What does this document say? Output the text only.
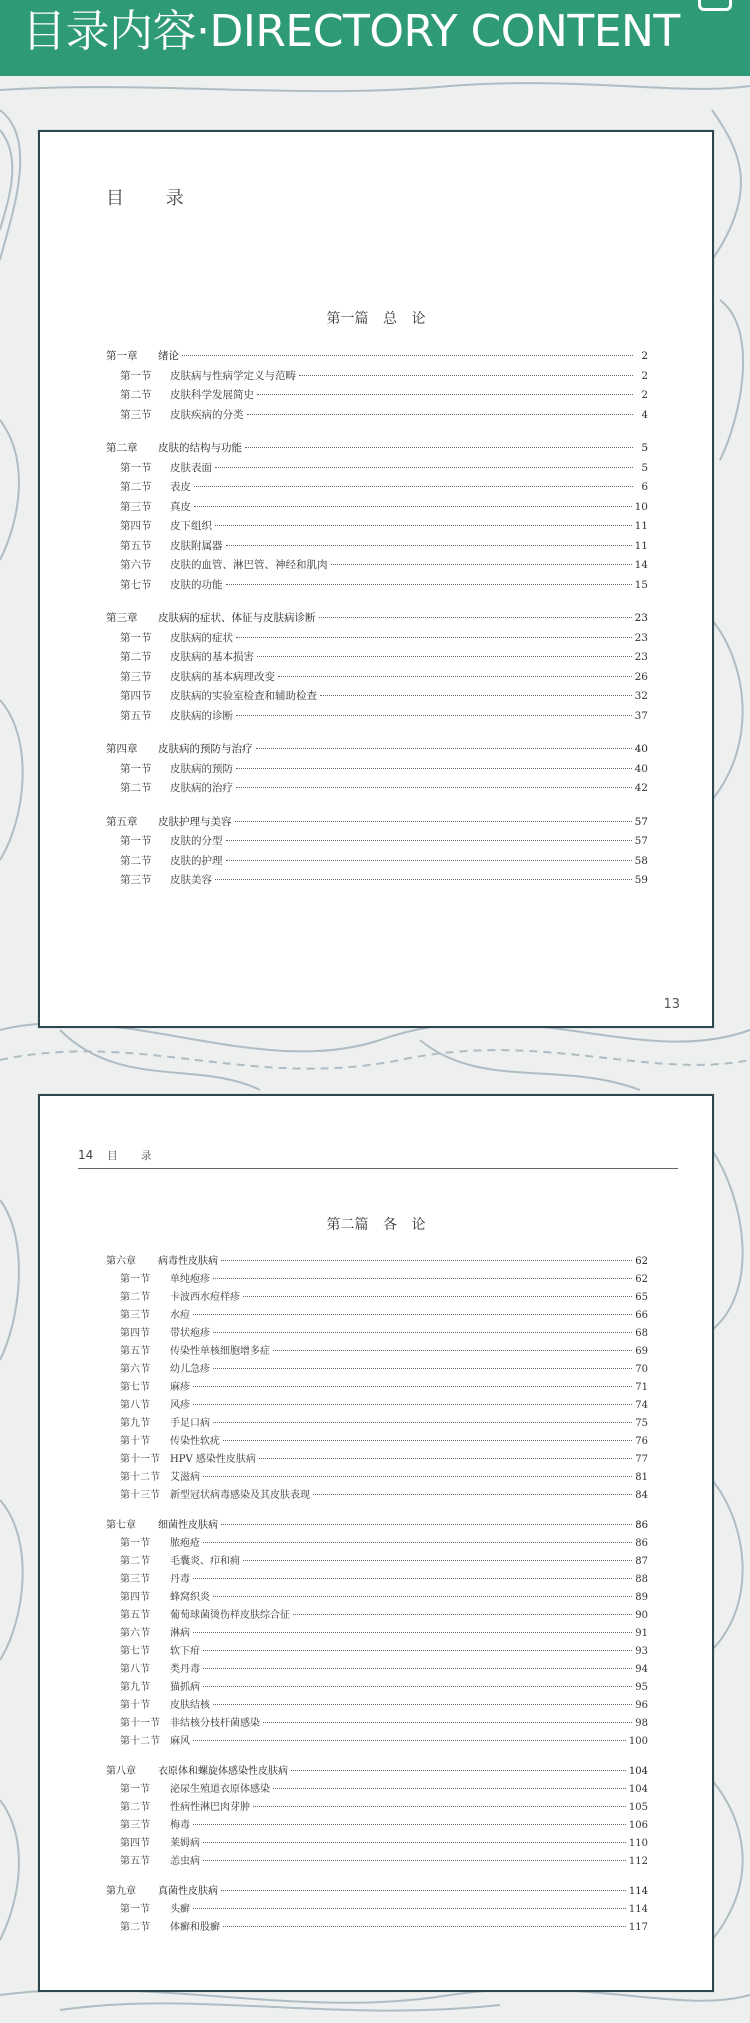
目录内容·DIRECTORY CONTENT
目 录
第一篇 总 论
第一章 绪论	2
第一节 皮肤病与性病学定义与范畴	2
第二节 皮肤科学发展简史	2
第三节 皮肤疾病的分类	4
第二章 皮肤的结构与功能	5
第一节 皮肤表面	5
第二节 表皮	6
第三节 真皮	10
第四节 皮下组织	11
第五节 皮肤附属器	11
第六节 皮肤的血管、淋巴管、神经和肌肉	14
第七节 皮肤的功能	15
第三章 皮肤病的症状、体征与皮肤病诊断	23
第一节 皮肤病的症状	23
第二节 皮肤病的基本损害	23
第三节 皮肤病的基本病理改变	26
第四节 皮肤病的实验室检查和辅助检查	32
第五节 皮肤病的诊断	37
第四章 皮肤病的预防与治疗	40
第一节 皮肤病的预防	40
第二节 皮肤病的治疗	42
第五章 皮肤护理与美容	57
第一节 皮肤的分型	57
第二节 皮肤的护理	58
第三节 皮肤美容	59
13
14 目 录
第二篇 各 论
第六章 病毒性皮肤病	62
第一节 单纯疱疹	62
第二节 卡波西水痘样疹	65
第三节 水痘	66
第四节 带状疱疹	68
第五节 传染性单核细胞增多症	69
第六节 幼儿急疹	70
第七节 麻疹	71
第八节 风疹	74
第九节 手足口病	75
第十节 传染性软疣	76
第十一节 HPV 感染性皮肤病	77
第十二节 艾滋病	81
第十三节 新型冠状病毒感染及其皮肤表现	84
第七章 细菌性皮肤病	86
第一节 脓疱疮	86
第二节 毛囊炎、疖和痈	87
第三节 丹毒	88
第四节 蜂窝织炎	89
第五节 葡萄球菌烫伤样皮肤综合征	90
第六节 淋病	91
第七节 软下疳	93
第八节 类丹毒	94
第九节 猫抓病	95
第十节 皮肤结核	96
第十一节 非结核分枝杆菌感染	98
第十二节 麻风	100
第八章 衣原体和螺旋体感染性皮肤病	104
第一节 泌尿生殖道衣原体感染	104
第二节 性病性淋巴肉芽肿	105
第三节 梅毒	106
第四节 莱姆病	110
第五节 恙虫病	112
第九章 真菌性皮肤病	114
第一节 头癣	114
第二节 体癣和股癣	117
